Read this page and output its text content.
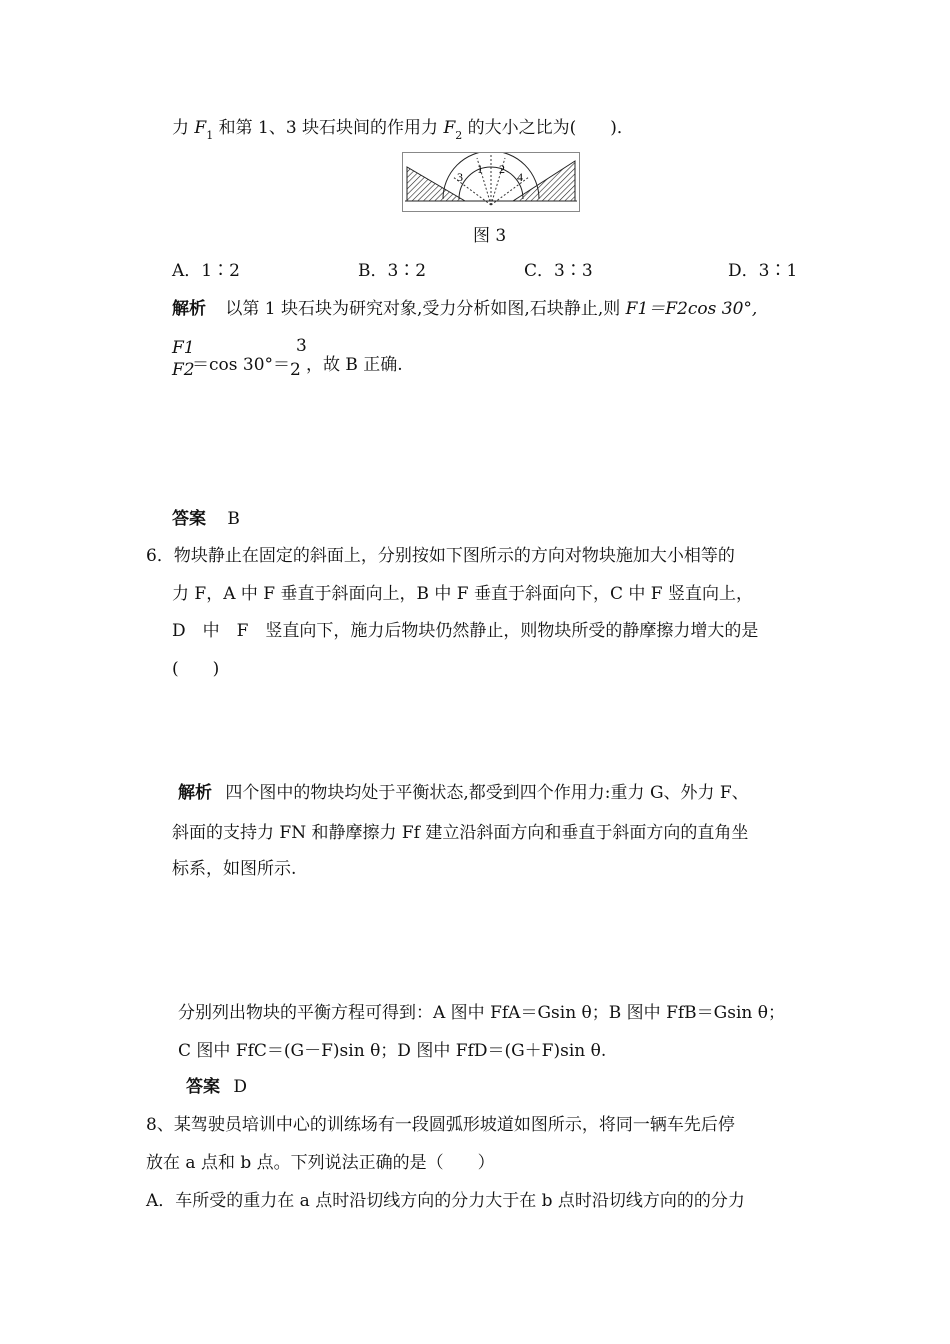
力 $F_1$ 和第 1、3 块石块间的作用力 $F_2$ 的大小之比为(　　)．
3
1 2
4
图 3
A．1∶2	B．3∶2	C．3∶3	D．3∶1
解析 以第 1 块石块为研究对象,受力分析如图,石块静止,则 F1＝F2cos 30°,
F1
F2
＝cos 30°＝
3
2 ，故 B 正确.
答案 B
6．物块静止在固定的斜面上，分别按如下图所示的方向对物块施加大小相等的
力 F，A 中 F 垂直于斜面向上，B 中 F 垂直于斜面向下，C 中 F 竖直向上，
D　中　F　竖直向下，施力后物块仍然静止，则物块所受的静摩擦力增大的是
(　　)
解析 四个图中的物块均处于平衡状态,都受到四个作用力:重力 G、外力 F、
斜面的支持力 FN 和静摩擦力 Ff 建立沿斜面方向和垂直于斜面方向的直角坐
标系，如图所示.
分别列出物块的平衡方程可得到：A 图中 FfA＝Gsin θ；B 图中 FfB＝Gsin θ；
C 图中 FfC＝(G－F)sin θ；D 图中 FfD＝(G＋F)sin θ.
答案 D
8、某驾驶员培训中心的训练场有一段圆弧形坡道如图所示，将同一辆车先后停
放在 a 点和 b 点。下列说法正确的是（　　）
A．车所受的重力在 a 点时沿切线方向的分力大于在 b 点时沿切线方向的的分力
